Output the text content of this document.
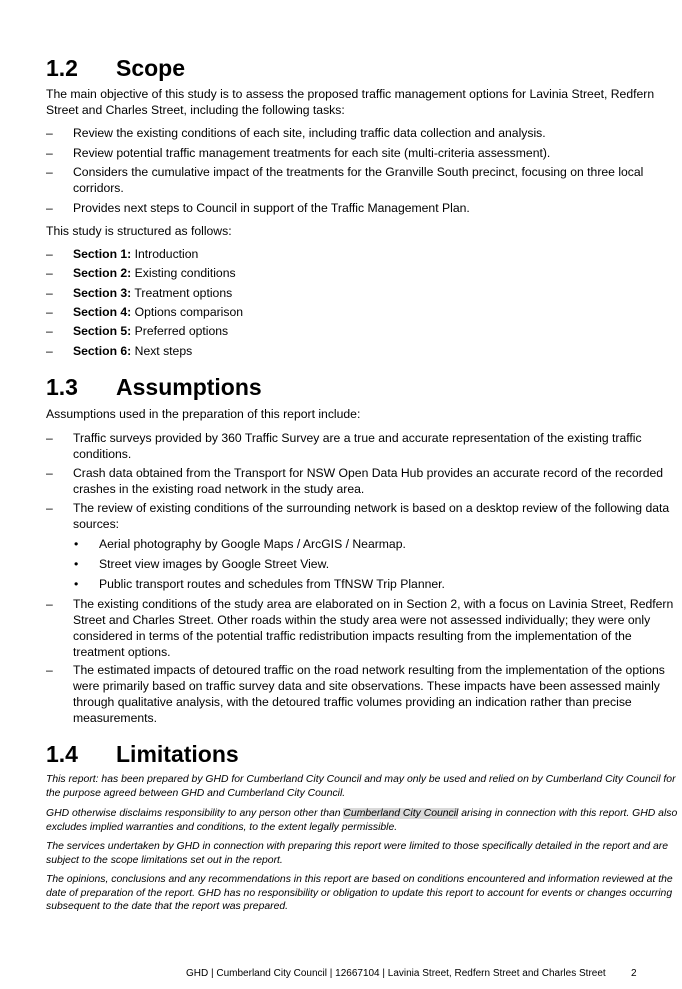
1.2 Scope

The main objective of this study is to assess the proposed traffic management options for Lavinia Street, Redfern Street and Charles Street, including the following tasks:

– Review the existing conditions of each site, including traffic data collection and analysis.
– Review potential traffic management treatments for each site (multi-criteria assessment).
– Considers the cumulative impact of the treatments for the Granville South precinct, focusing on three local corridors.
– Provides next steps to Council in support of the Traffic Management Plan.

This study is structured as follows:

– Section 1: Introduction
– Section 2: Existing conditions
– Section 3: Treatment options
– Section 4: Options comparison
– Section 5: Preferred options
– Section 6: Next steps
1.3 Assumptions

Assumptions used in the preparation of this report include:

– Traffic surveys provided by 360 Traffic Survey are a true and accurate representation of the existing traffic conditions.
– Crash data obtained from the Transport for NSW Open Data Hub provides an accurate record of the recorded crashes in the existing road network in the study area.
– The review of existing conditions of the surrounding network is based on a desktop review of the following data sources:
• Aerial photography by Google Maps / ArcGIS / Nearmap.
• Street view images by Google Street View.
• Public transport routes and schedules from TfNSW Trip Planner.
– The existing conditions of the study area are elaborated on in Section 2, with a focus on Lavinia Street, Redfern Street and Charles Street. Other roads within the study area were not assessed individually; they were only considered in terms of the potential traffic redistribution impacts resulting from the implementation of the treatment options.
– The estimated impacts of detoured traffic on the road network resulting from the implementation of the options were primarily based on traffic survey data and site observations. These impacts have been assessed mainly through qualitative analysis, with the detoured traffic volumes providing an indication rather than precise measurements.
1.4 Limitations

This report: has been prepared by GHD for Cumberland City Council and may only be used and relied on by Cumberland City Council for the purpose agreed between GHD and Cumberland City Council.

GHD otherwise disclaims responsibility to any person other than Cumberland City Council arising in connection with this report. GHD also excludes implied warranties and conditions, to the extent legally permissible.

The services undertaken by GHD in connection with preparing this report were limited to those specifically detailed in the report and are subject to the scope limitations set out in the report.

The opinions, conclusions and any recommendations in this report are based on conditions encountered and information reviewed at the date of preparation of the report. GHD has no responsibility or obligation to update this report to account for events or changes occurring subsequent to the date that the report was prepared.

GHD | Cumberland City Council | 12667104 | Lavinia Street, Redfern Street and Charles Street	2
